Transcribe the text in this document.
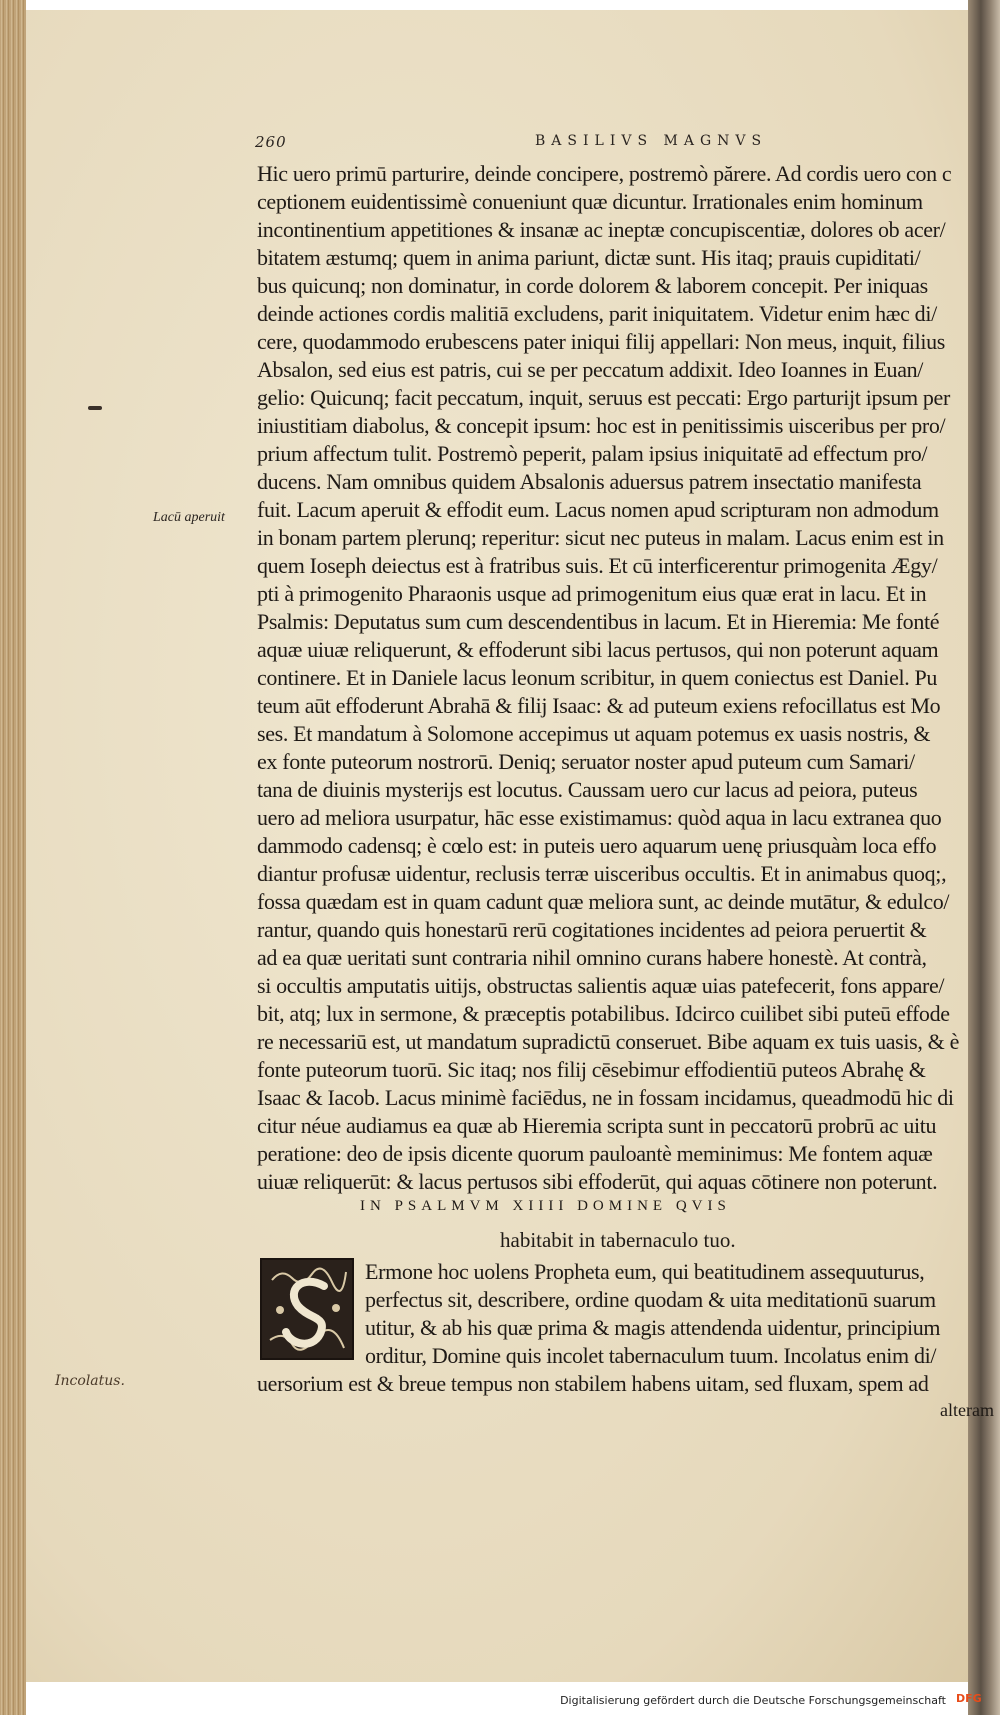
260	BASILIVS MAGNVS
Lacū aperuit
Hic uero primū parturire, deinde concipere, postremò părere. Ad cordis uero con c
ceptionem euidentissimè conueniunt quæ dicuntur. Irrationales enim hominum
incontinentium appetitiones & insanæ ac ineptæ concupiscentiæ, dolores ob acer/
bitatem æstumq; quem in anima pariunt, dictæ sunt. His itaq; prauis cupiditati/
bus quicunq; non dominatur, in corde dolorem & laborem concepit. Per iniquas
deinde actiones cordis malitiā excludens, parit iniquitatem. Videtur enim hæc di/
cere, quodammodo erubescens pater iniqui filij appellari: Non meus, inquit, filius
Absalon, sed eius est patris, cui se per peccatum addixit. Ideo Ioannes in Euan/
gelio: Quicunq; facit peccatum, inquit, seruus est peccati: Ergo parturijt ipsum per
iniustitiam diabolus, & concepit ipsum: hoc est in penitissimis uisceribus per pro/
prium affectum tulit. Postremò peperit, palam ipsius iniquitatē ad effectum pro/
ducens. Nam omnibus quidem Absalonis aduersus patrem insectatio manifesta
fuit. Lacum aperuit & effodit eum. Lacus nomen apud scripturam non admodum
in bonam partem plerunq; reperitur: sicut nec puteus in malam. Lacus enim est in
quem Ioseph deiectus est à fratribus suis. Et cū interficerentur primogenita Ægy/
pti à primogenito Pharaonis usque ad primogenitum eius quæ erat in lacu. Et in
Psalmis: Deputatus sum cum descendentibus in lacum. Et in Hieremia: Me fonté
aquæ uiuæ reliquerunt, & effoderunt sibi lacus pertusos, qui non poterunt aquam
continere. Et in Daniele lacus leonum scribitur, in quem coniectus est Daniel. Pu
teum aūt effoderunt Abrahā & filij Isaac: & ad puteum exiens refocillatus est Mo
ses. Et mandatum à Solomone accepimus ut aquam potemus ex uasis nostris, &
ex fonte puteorum nostrorū. Deniq; seruator noster apud puteum cum Samari/
tana de diuinis mysterijs est locutus. Caussam uero cur lacus ad peiora, puteus
uero ad meliora usurpatur, hāc esse existimamus: quòd aqua in lacu extranea quo
dammodo cadensq; è cœlo est: in puteis uero aquarum uenę priusquàm loca effo
diantur profusæ uidentur, reclusis terræ uisceribus occultis. Et in animabus quoq;,
fossa quædam est in quam cadunt quæ meliora sunt, ac deinde mutātur, & edulco/
rantur, quando quis honestarū rerū cogitationes incidentes ad peiora peruertit &
ad ea quæ ueritati sunt contraria nihil omnino curans habere honestè. At contrà,
si occultis amputatis uitijs, obstructas salientis aquæ uias patefecerit, fons appare/
bit, atq; lux in sermone, & præceptis potabilibus. Idcirco cuilibet sibi puteū effode
re necessariū est, ut mandatum supradictū conseruet. Bibe aquam ex tuis uasis, & è
fonte puteorum tuorū. Sic itaq; nos filij cēsebimur effodientiū puteos Abrahę &
Isaac & Iacob. Lacus minimè faciēdus, ne in fossam incidamus, queadmodū hic di
citur néue audiamus ea quæ ab Hieremia scripta sunt in peccatorū probrū ac uitu
peratione: deo de ipsis dicente quorum pauloantè meminimus: Me fontem aquæ
uiuæ reliquerūt: & lacus pertusos sibi effoderūt, qui aquas cōtinere non poterunt.
IN PSALMVM XIIII DOMINE QVIS
habitabit in tabernaculo tuo.
Ermone hoc uolens Propheta eum, qui beatitudinem assequuturus,
perfectus sit, describere, ordine quodam & uita meditationū suarum
utitur, & ab his quæ prima & magis attendenda uidentur, principium
orditur, Domine quis incolet tabernaculum tuum. Incolatus enim di/
uersorium est & breue tempus non stabilem habens uitam, sed fluxam, spem ad
alteram
Incolatus.
Digitalisierung gefördert durch die Deutsche Forschungsgemeinschaft DFG
